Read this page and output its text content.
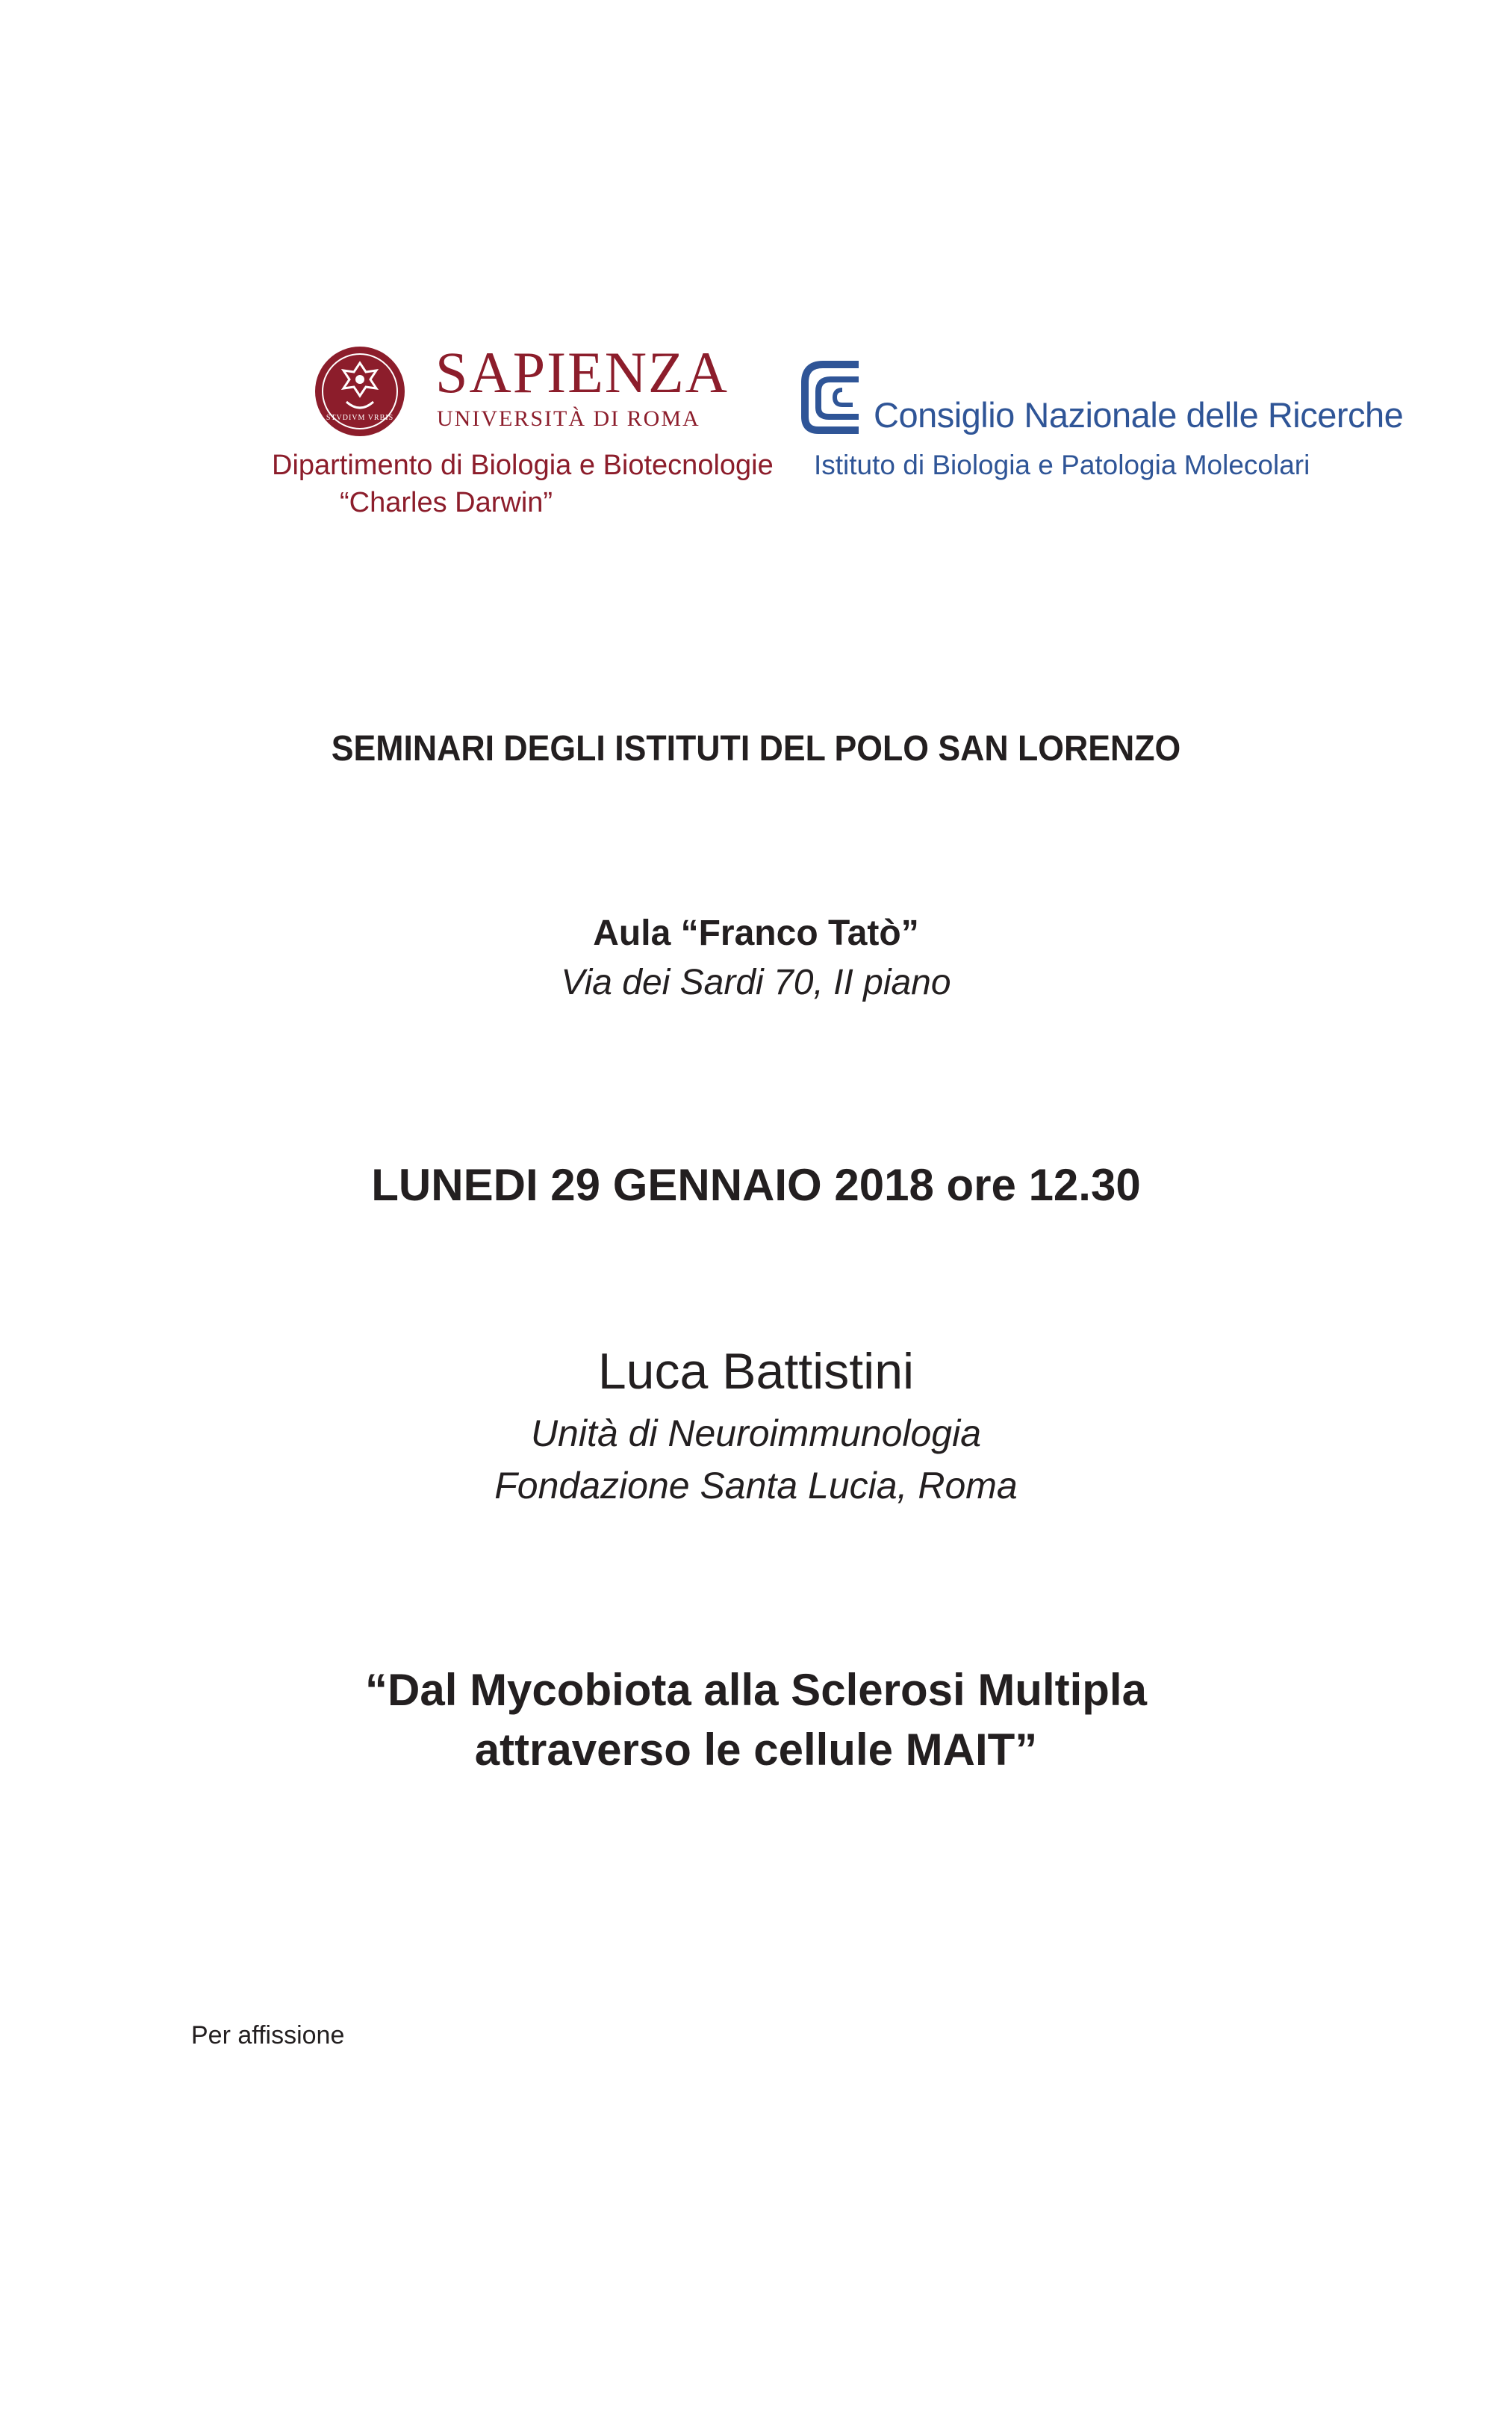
STVDIVM VRBIS
SAPIENZA
UNIVERSITÀ DI ROMA
Dipartimento di Biologia e Biotecnologie
“Charles Darwin”
Consiglio Nazionale delle Ricerche
Istituto di Biologia e Patologia Molecolari
SEMINARI DEGLI ISTITUTI DEL POLO SAN LORENZO
Aula “Franco Tatò”
Via dei Sardi 70, II piano
LUNEDI 29 GENNAIO 2018 ore 12.30
Luca Battistini
Unità di Neuroimmunologia
Fondazione Santa Lucia, Roma
“Dal Mycobiota alla Sclerosi Multipla
attraverso le cellule MAIT”
Per affissione
